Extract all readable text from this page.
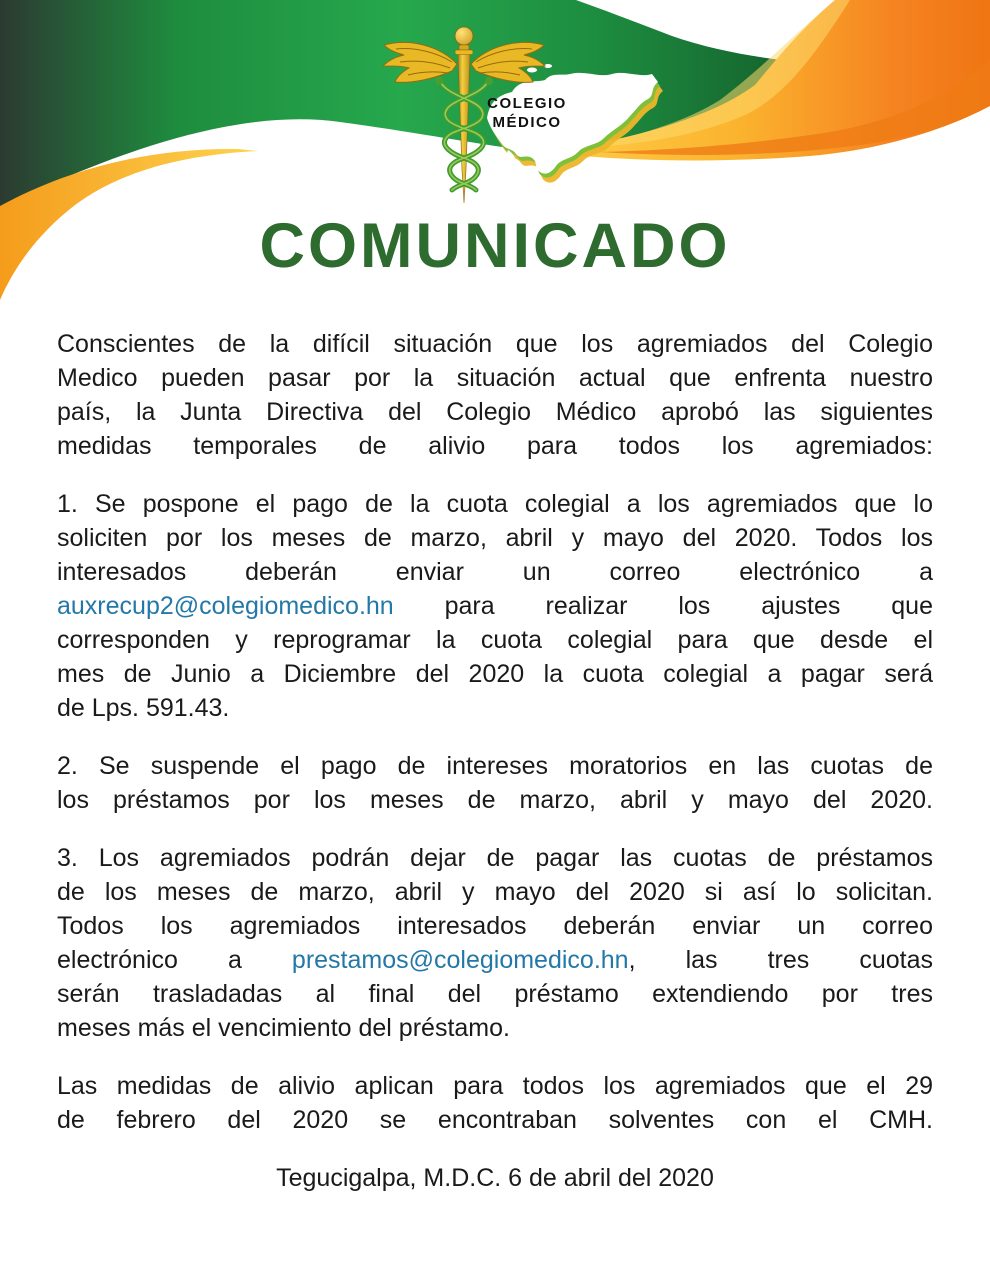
COLEGIO
MÉDICO
COMUNICADO
Conscientes de la difícil situación que los agremiados del Colegio
Medico pueden pasar por la situación actual que enfrenta nuestro
país, la Junta Directiva del Colegio Médico aprobó las siguientes
medidas temporales de alivio para todos los agremiados:
1. Se pospone el pago de la cuota colegial a los agremiados que lo
soliciten por los meses de marzo, abril y mayo del 2020. Todos los
interesados deberán enviar un correo electrónico a
auxrecup2@colegiomedico.hn para realizar los ajustes que
corresponden y reprogramar la cuota colegial para que desde el
mes de Junio a Diciembre del 2020 la cuota colegial a pagar será
de Lps. 591.43.
2. Se suspende el pago de intereses moratorios en las cuotas de
los préstamos por los meses de marzo, abril y mayo del 2020.
3. Los agremiados podrán dejar de pagar las cuotas de préstamos
de los meses de marzo, abril y mayo del 2020 si así lo solicitan.
Todos los agremiados interesados deberán enviar un correo
electrónico a prestamos@colegiomedico.hn, las tres cuotas
serán trasladadas al final del préstamo extendiendo por tres
meses más el vencimiento del préstamo.
Las medidas de alivio aplican para todos los agremiados que el 29
de febrero del 2020 se encontraban solventes con el CMH.
Tegucigalpa, M.D.C. 6 de abril del 2020
